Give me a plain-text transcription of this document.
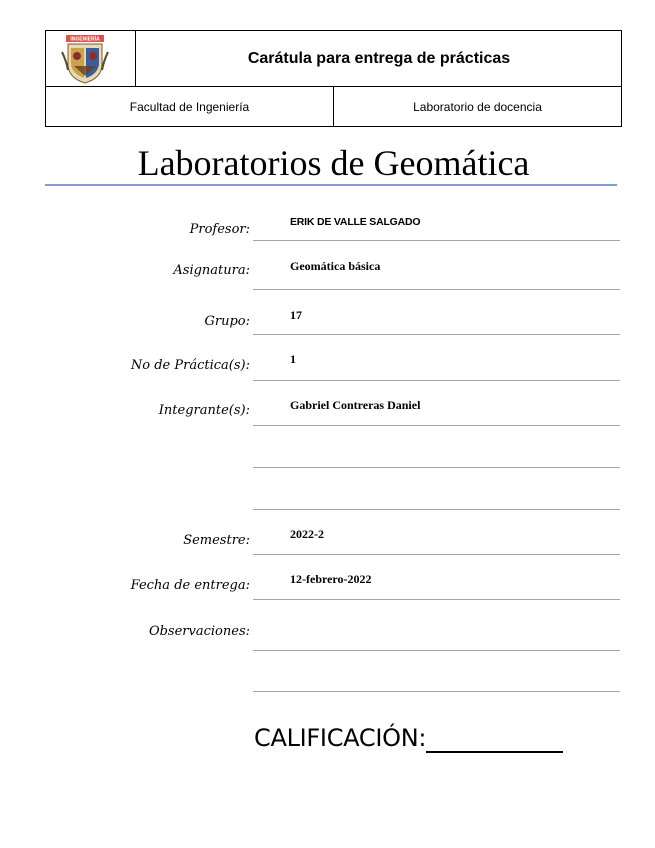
INGENIERÍA
Carátula para entrega de prácticas
Facultad de Ingeniería	Laboratorio de docencia
Laboratorios de Geomática
Profesor:	ERIK DE VALLE SALGADO
Asignatura:	Geomática básica
Grupo:	17
No de Práctica(s):	1
Integrante(s):	Gabriel Contreras Daniel
Semestre:	2022-2
Fecha de entrega:	12-febrero-2022
Observaciones:
CALIFICACIÓN:
